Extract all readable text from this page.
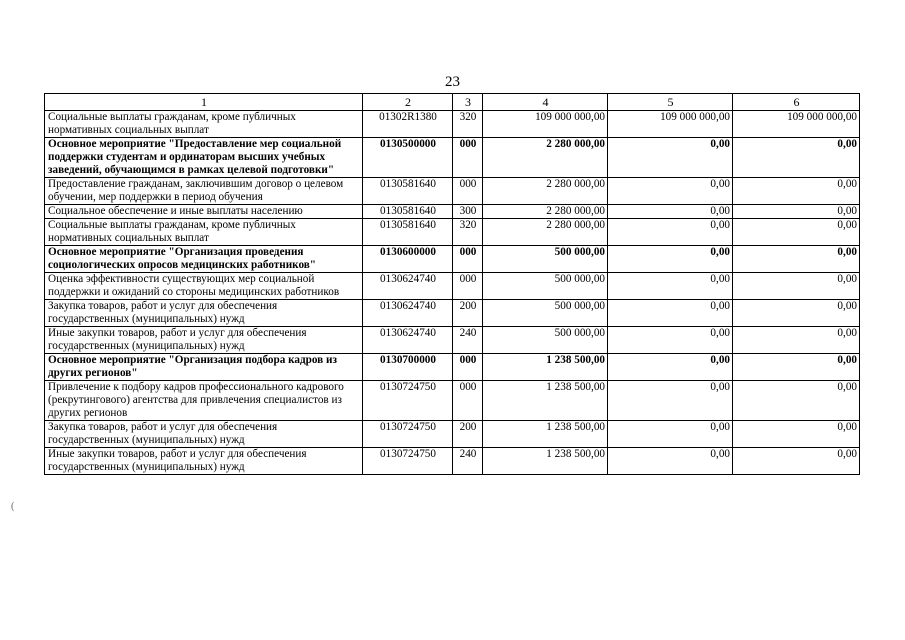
23
(
1	2	3	4	5	6
Социальные выплаты гражданам, кроме публичных нормативных социальных выплат	01302R1380	320	109 000 000,00	109 000 000,00	109 000 000,00
Основное мероприятие "Предоставление мер социальной поддержки студентам и ординаторам высших учебных заведений, обучающимся в рамках целевой подготовки"	0130500000	000	2 280 000,00	0,00	0,00
Предоставление гражданам, заключившим договор о целевом обучении, мер поддержки в период обучения	0130581640	000	2 280 000,00	0,00	0,00
Социальное обеспечение и иные выплаты населению	0130581640	300	2 280 000,00	0,00	0,00
Социальные выплаты гражданам, кроме публичных нормативных социальных выплат	0130581640	320	2 280 000,00	0,00	0,00
Основное мероприятие "Организация проведения социологических опросов медицинских работников"	0130600000	000	500 000,00	0,00	0,00
Оценка эффективности существующих мер социальной поддержки и ожиданий со стороны медицинских работников	0130624740	000	500 000,00	0,00	0,00
Закупка товаров, работ и услуг для обеспечения государственных (муниципальных) нужд	0130624740	200	500 000,00	0,00	0,00
Иные закупки товаров, работ и услуг для обеспечения государственных (муниципальных) нужд	0130624740	240	500 000,00	0,00	0,00
Основное мероприятие "Организация подбора кадров из других регионов"	0130700000	000	1 238 500,00	0,00	0,00
Привлечение к подбору кадров профессионального кадрового (рекрутингового) агентства для привлечения специалистов из других регионов	0130724750	000	1 238 500,00	0,00	0,00
Закупка товаров, работ и услуг для обеспечения государственных (муниципальных) нужд	0130724750	200	1 238 500,00	0,00	0,00
Иные закупки товаров, работ и услуг для обеспечения государственных (муниципальных) нужд	0130724750	240	1 238 500,00	0,00	0,00
